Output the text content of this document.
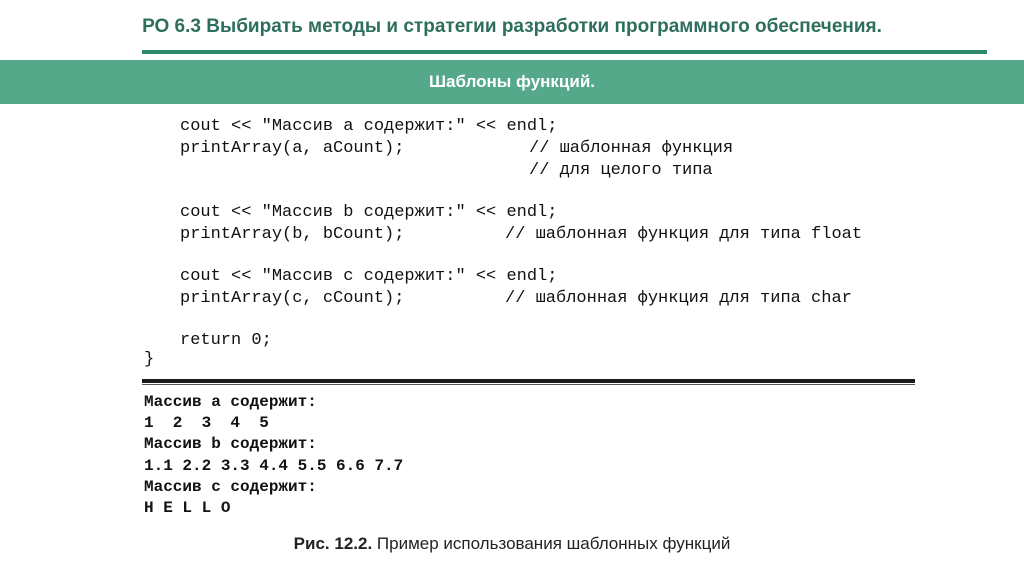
РО 6.3 Выбирать методы и стратегии разработки программного обеспечения.
Шаблоны функций.
cout << "Массив a содержит:" << endl;
printArray(a, aCount);	// шаблонная функция
// для целого типа
cout << "Массив b содержит:" << endl;
printArray(b, bCount);	// шаблонная функция для типа float
cout << "Массив c содержит:" << endl;
printArray(c, cCount);	// шаблонная функция для типа char
return 0;
}
Массив a содержит:
1  2  3  4  5
Массив b содержит:
1.1 2.2 3.3 4.4 5.5 6.6 7.7
Массив c содержит:
H E L L O
Рис. 12.2. Пример использования шаблонных функций
